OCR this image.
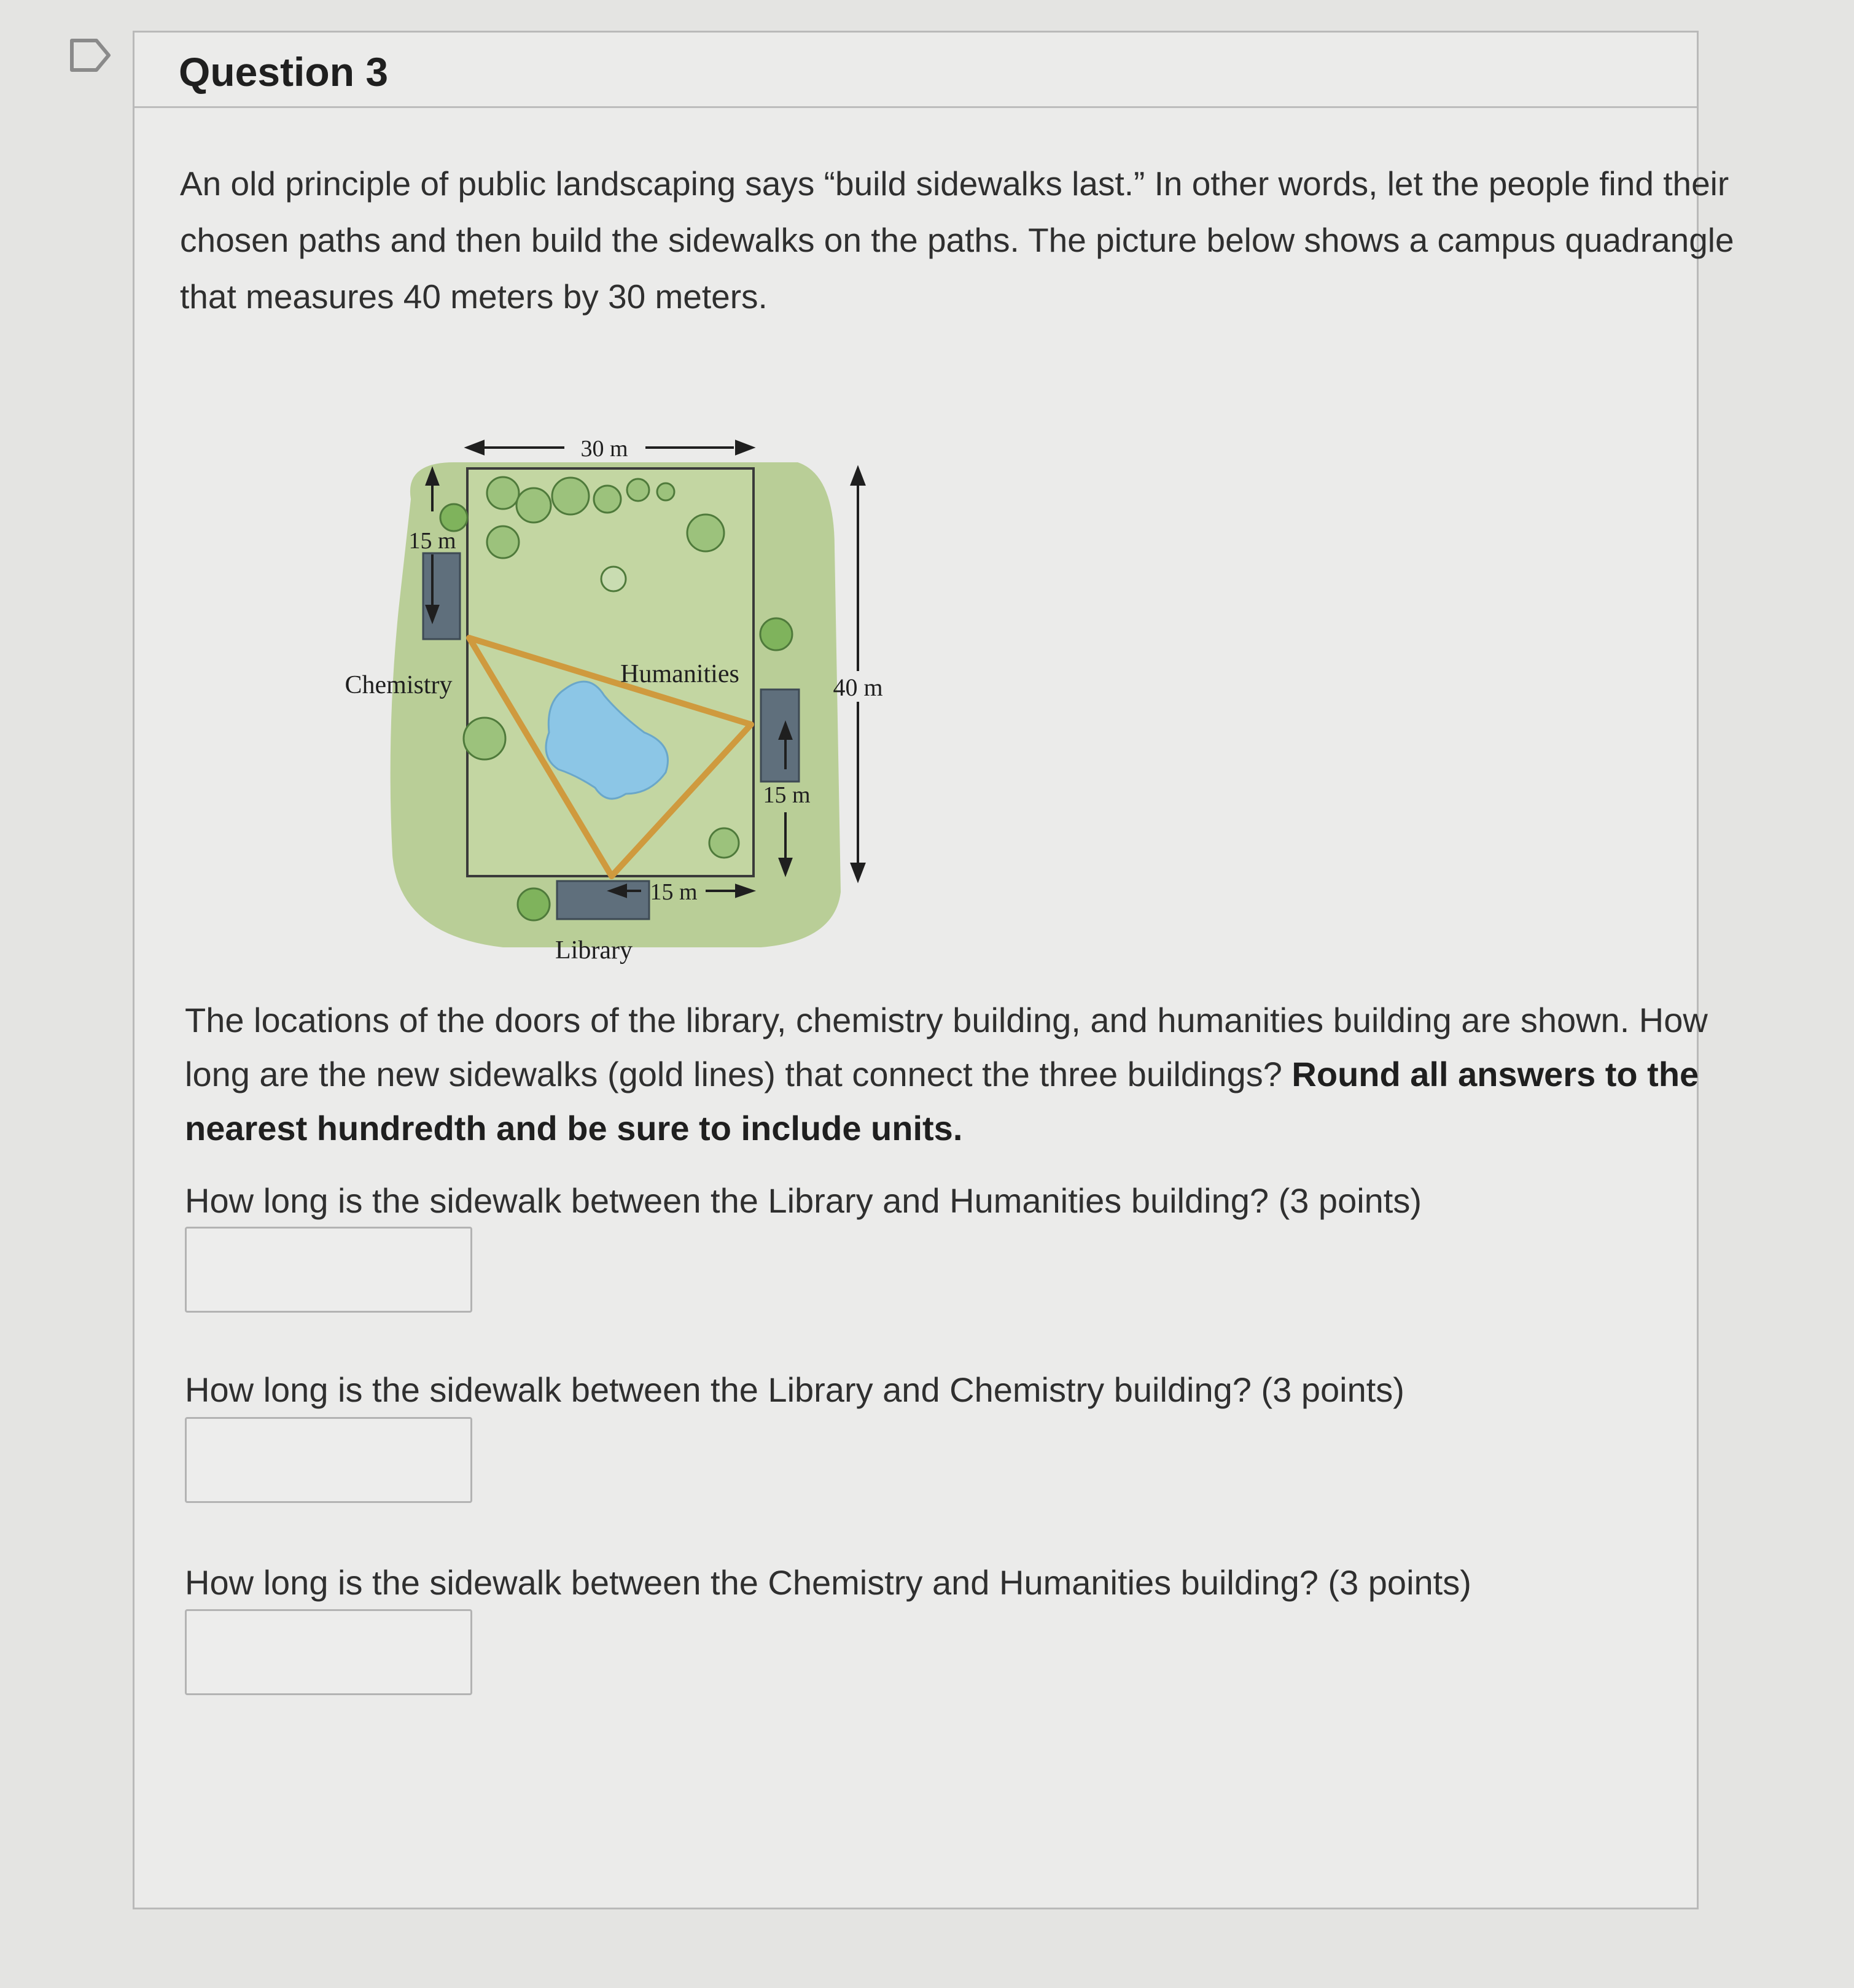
Question 3
An old principle of public landscaping says “build sidewalks last.” In other words, let the people find their chosen paths and then build the sidewalks on the paths. The picture below shows a campus quadrangle that measures 40 meters by 30 meters.
30 m
40 m
15 m
15 m
15 m
Chemistry	Humanities
Library
The locations of the doors of the library, chemistry building, and humanities building are shown. How long are the new sidewalks (gold lines) that connect the three buildings? Round all answers to the nearest hundredth and be sure to include units.
How long is the sidewalk between the Library and Humanities building? (3 points)
How long is the sidewalk between the Library and Chemistry building? (3 points)
How long is the sidewalk between the Chemistry and Humanities building? (3 points)
